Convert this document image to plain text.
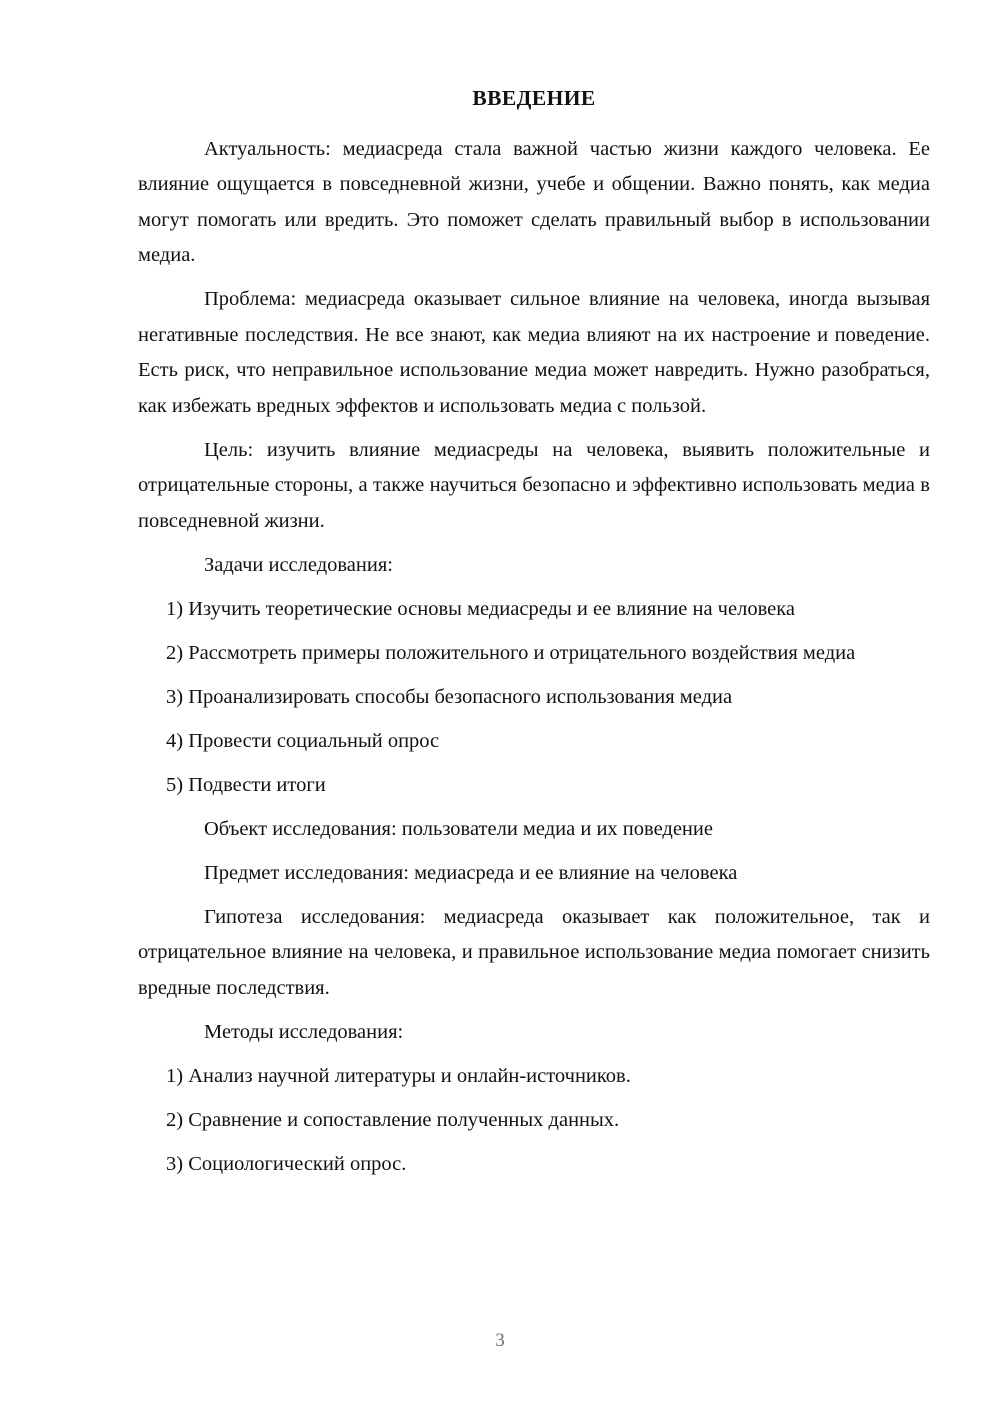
ВВЕДЕНИЕ

Актуальность: медиасреда стала важной частью жизни каждого человека. Ее влияние ощущается в повседневной жизни, учебе и общении. Важно понять, как медиа могут помогать или вредить. Это поможет сделать правильный выбор в использовании медиа.

Проблема: медиасреда оказывает сильное влияние на человека, иногда вызывая негативные последствия. Не все знают, как медиа влияют на их настроение и поведение. Есть риск, что неправильное использование медиа может навредить. Нужно разобраться, как избежать вредных эффектов и использовать медиа с пользой.

Цель: изучить влияние медиасреды на человека, выявить положительные и отрицательные стороны, а также научиться безопасно и эффективно использовать медиа в повседневной жизни.

Задачи исследования:

1) Изучить теоретические основы медиасреды и ее влияние на человека

2) Рассмотреть примеры положительного и отрицательного воздействия медиа

3) Проанализировать способы безопасного использования медиа

4) Провести социальный опрос

5) Подвести итоги

Объект исследования: пользователи медиа и их поведение

Предмет исследования: медиасреда и ее влияние на человека

Гипотеза исследования: медиасреда оказывает как положительное, так и отрицательное влияние на человека, и правильное использование медиа помогает снизить вредные последствия.

Методы исследования:

1) Анализ научной литературы и онлайн-источников.

2) Сравнение и сопоставление полученных данных.

3) Социологический опрос.

3
